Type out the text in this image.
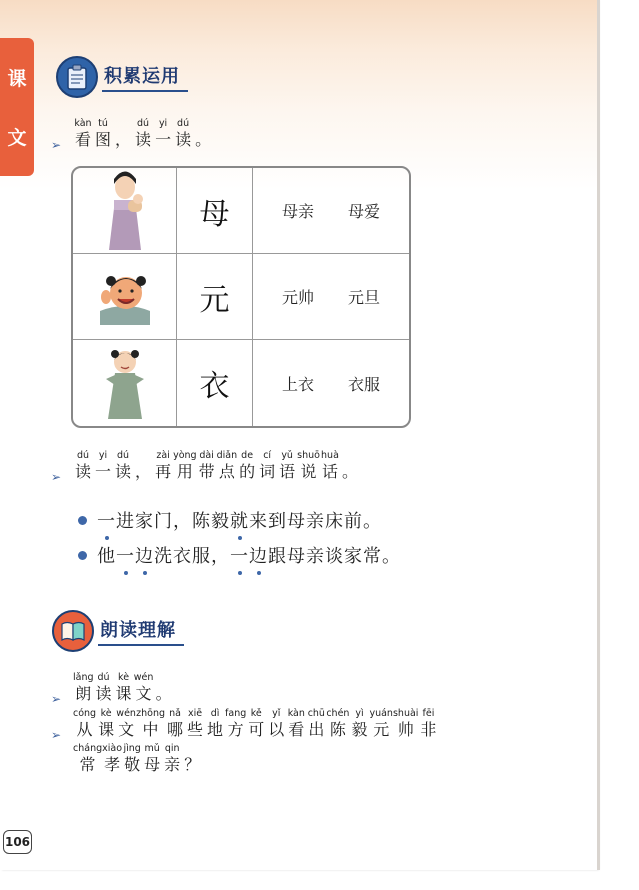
课
文
积累运用
➢
kàn
看
tú
图 ，
dú
读
yi
一
dú
读 。
母	母亲 母爱
元	元帅 元旦
衣	上衣 衣服
➢
dú
读
yi
一
dú
读 ，
zài
再
yòng
用
dài
带
diǎn
点
de
的
cí
词
yǔ
语
shuō
说
huà
话 。
一 进 家 门 ， 陈 毅 就 来 到 母 亲 床 前 。
他 一 边 洗 衣 服 ， 一 边 跟 母 亲 谈 家 常 。
朗读理解
➢
lǎng
朗
dú
读
kè
课
wén
文 。
➢
cóng
从
kè
课
wén
文
zhōng
中
nǎ
哪
xiē
些
dì
地
fang
方
kě
可
yǐ
以
kàn
看
chū
出
chén
陈
yì
毅
yuán
元
shuài
帅
fēi
非
cháng
常
xiào
孝
jìng
敬
mǔ
母
qin
亲 ？
106
